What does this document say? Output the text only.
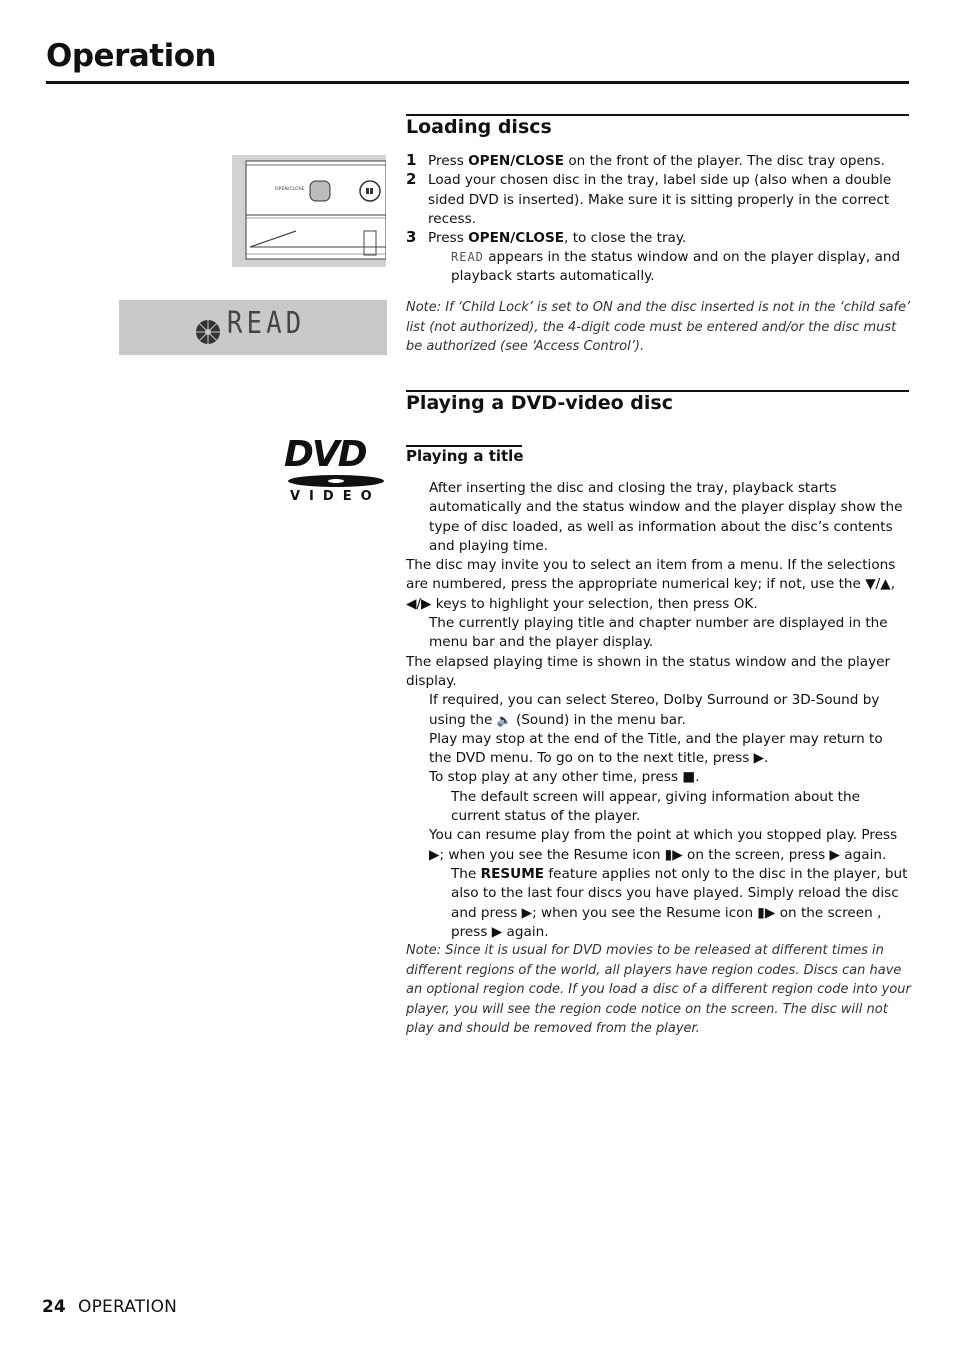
Operation
OPEN/CLOSE
READ
DVD
VIDEO
Loading discs
1 Press OPEN/CLOSE on the front of the player. The disc tray opens.
2 Load your chosen disc in the tray, label side up (also when a double sided DVD is inserted). Make sure it is sitting properly in the correct recess.
3 Press OPEN/CLOSE, to close the tray.
READ appears in the status window and on the player display, and playback starts automatically.
Note: If ‘Child Lock’ is set to ON and the disc inserted is not in the ‘child safe’ list (not authorized), the 4-digit code must be entered and/or the disc must be authorized (see ‘Access Control’).
Playing a DVD-video disc
Playing a title
After inserting the disc and closing the tray, playback starts automatically and the status window and the player display show the type of disc loaded, as well as information about the disc’s contents and playing time.
The disc may invite you to select an item from a menu. If the selections are numbered, press the appropriate numerical key; if not, use the ▼/▲, ◀/▶ keys to highlight your selection, then press OK.
The currently playing title and chapter number are displayed in the menu bar and the player display.
The elapsed playing time is shown in the status window and the player display.
If required, you can select Stereo, Dolby Surround or 3D-Sound by using the 🔉 (Sound) in the menu bar.
Play may stop at the end of the Title, and the player may return to the DVD menu. To go on to the next title, press ▶.
To stop play at any other time, press ■.
The default screen will appear, giving information about the current status of the player.
You can resume play from the point at which you stopped play. Press ▶; when you see the Resume icon ▮▶ on the screen, press ▶ again.
The RESUME feature applies not only to the disc in the player, but also to the last four discs you have played. Simply reload the disc and press ▶; when you see the Resume icon ▮▶ on the screen , press ▶ again.
Note: Since it is usual for DVD movies to be released at different times in different regions of the world, all players have region codes. Discs can have an optional region code. If you load a disc of a different region code into your player, you will see the region code notice on the screen. The disc will not play and should be removed from the player.
24 OPERATION
